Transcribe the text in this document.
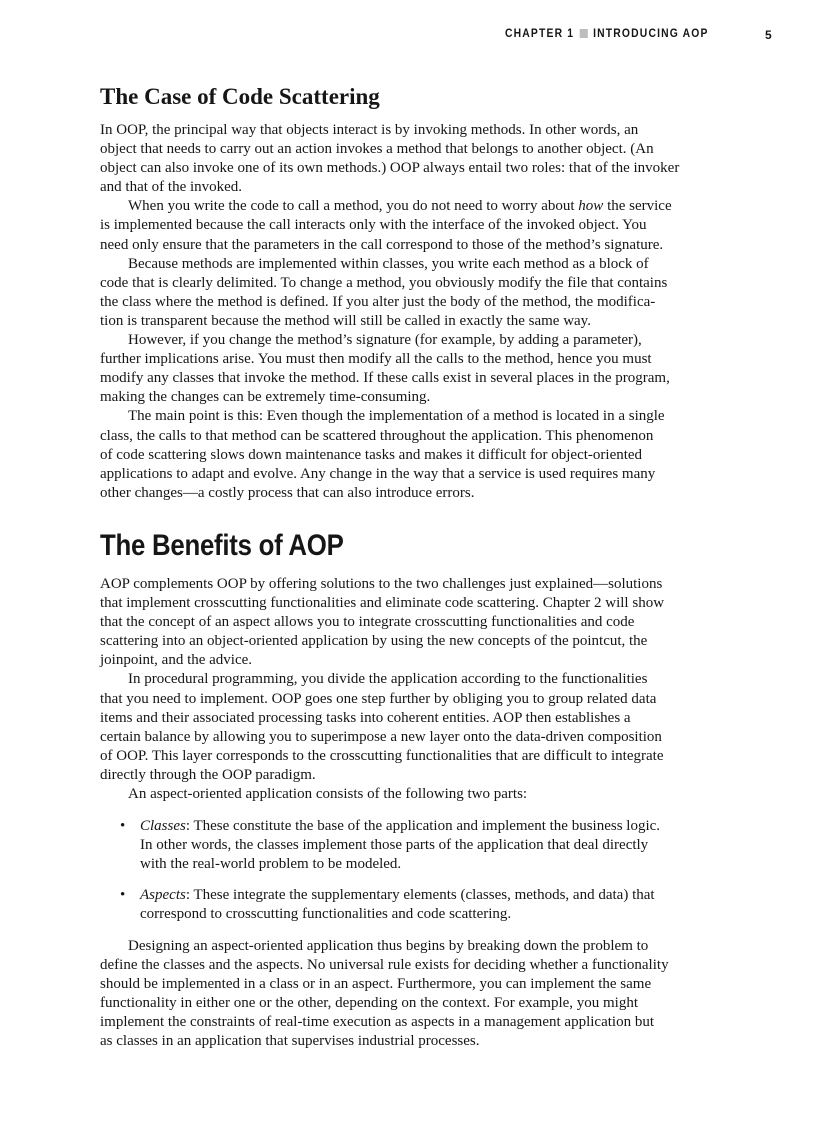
CHAPTER 1 INTRODUCING AOP	5
The Case of Code Scattering
In OOP, the principal way that objects interact is by invoking methods. In other words, an
object that needs to carry out an action invokes a method that belongs to another object. (An
object can also invoke one of its own methods.) OOP always entail two roles: that of the invoker
and that of the invoked.
When you write the code to call a method, you do not need to worry about how the service
is implemented because the call interacts only with the interface of the invoked object. You
need only ensure that the parameters in the call correspond to those of the method’s signature.
Because methods are implemented within classes, you write each method as a block of
code that is clearly delimited. To change a method, you obviously modify the file that contains
the class where the method is defined. If you alter just the body of the method, the modifica-
tion is transparent because the method will still be called in exactly the same way.
However, if you change the method’s signature (for example, by adding a parameter),
further implications arise. You must then modify all the calls to the method, hence you must
modify any classes that invoke the method. If these calls exist in several places in the program,
making the changes can be extremely time-consuming.
The main point is this: Even though the implementation of a method is located in a single
class, the calls to that method can be scattered throughout the application. This phenomenon
of code scattering slows down maintenance tasks and makes it difficult for object-oriented
applications to adapt and evolve. Any change in the way that a service is used requires many
other changes—a costly process that can also introduce errors.
The Benefits of AOP
AOP complements OOP by offering solutions to the two challenges just explained—solutions
that implement crosscutting functionalities and eliminate code scattering. Chapter 2 will show
that the concept of an aspect allows you to integrate crosscutting functionalities and code
scattering into an object-oriented application by using the new concepts of the pointcut, the
joinpoint, and the advice.
In procedural programming, you divide the application according to the functionalities
that you need to implement. OOP goes one step further by obliging you to group related data
items and their associated processing tasks into coherent entities. AOP then establishes a
certain balance by allowing you to superimpose a new layer onto the data-driven composition
of OOP. This layer corresponds to the crosscutting functionalities that are difficult to integrate
directly through the OOP paradigm.
An aspect-oriented application consists of the following two parts:
• Classes: These constitute the base of the application and implement the business logic.
In other words, the classes implement those parts of the application that deal directly
with the real-world problem to be modeled.
• Aspects: These integrate the supplementary elements (classes, methods, and data) that
correspond to crosscutting functionalities and code scattering.
Designing an aspect-oriented application thus begins by breaking down the problem to
define the classes and the aspects. No universal rule exists for deciding whether a functionality
should be implemented in a class or in an aspect. Furthermore, you can implement the same
functionality in either one or the other, depending on the context. For example, you might
implement the constraints of real-time execution as aspects in a management application but
as classes in an application that supervises industrial processes.
